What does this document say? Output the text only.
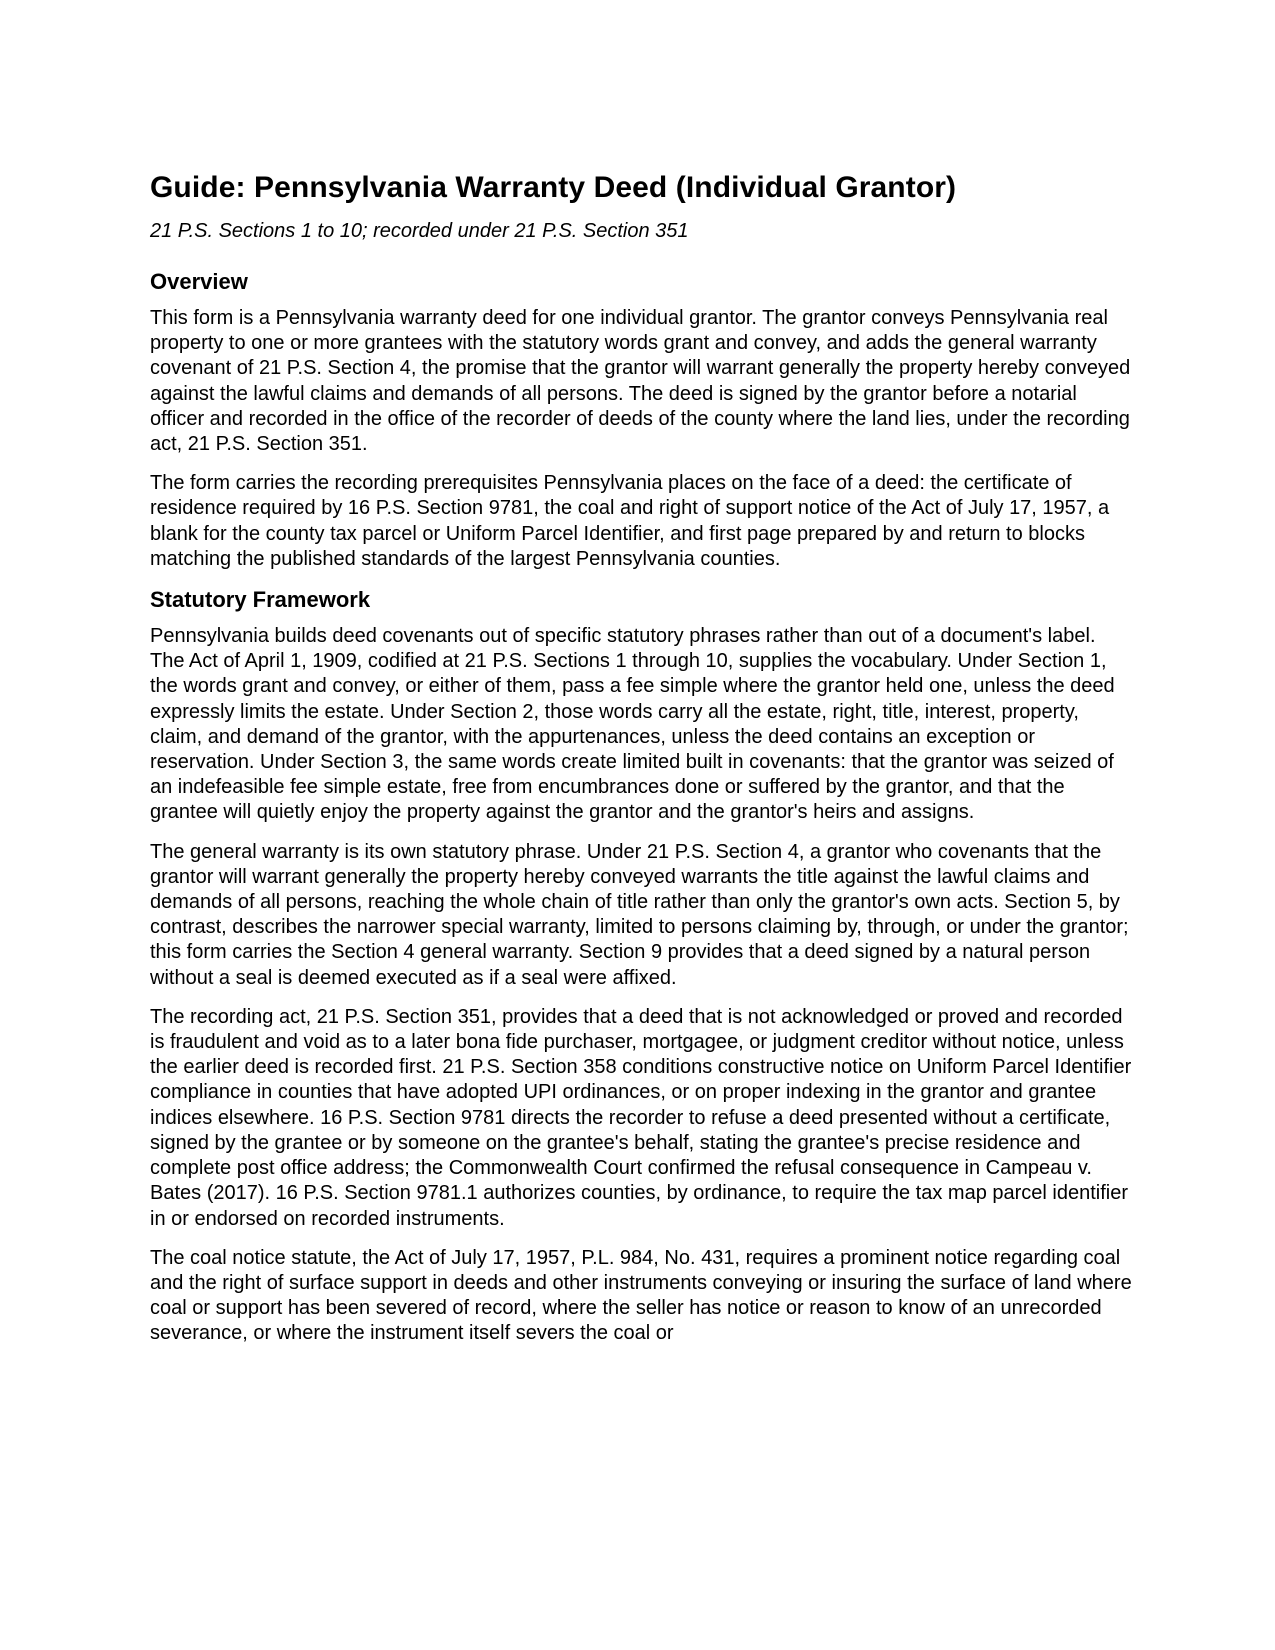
Guide: Pennsylvania Warranty Deed (Individual Grantor)
21 P.S. Sections 1 to 10; recorded under 21 P.S. Section 351
Overview

This form is a Pennsylvania warranty deed for one individual grantor. The grantor conveys Pennsylvania real property to one or more grantees with the statutory words grant and convey, and adds the general warranty covenant of 21 P.S. Section 4, the promise that the grantor will warrant generally the property hereby conveyed against the lawful claims and demands of all persons. The deed is signed by the grantor before a notarial officer and recorded in the office of the recorder of deeds of the county where the land lies, under the recording act, 21 P.S. Section 351.

The form carries the recording prerequisites Pennsylvania places on the face of a deed: the certificate of residence required by 16 P.S. Section 9781, the coal and right of support notice of the Act of July 17, 1957, a blank for the county tax parcel or Uniform Parcel Identifier, and first page prepared by and return to blocks matching the published standards of the largest Pennsylvania counties.

Statutory Framework

Pennsylvania builds deed covenants out of specific statutory phrases rather than out of a document's label. The Act of April 1, 1909, codified at 21 P.S. Sections 1 through 10, supplies the vocabulary. Under Section 1, the words grant and convey, or either of them, pass a fee simple where the grantor held one, unless the deed expressly limits the estate. Under Section 2, those words carry all the estate, right, title, interest, property, claim, and demand of the grantor, with the appurtenances, unless the deed contains an exception or reservation. Under Section 3, the same words create limited built in covenants: that the grantor was seized of an indefeasible fee simple estate, free from encumbrances done or suffered by the grantor, and that the grantee will quietly enjoy the property against the grantor and the grantor's heirs and assigns.

The general warranty is its own statutory phrase. Under 21 P.S. Section 4, a grantor who covenants that the grantor will warrant generally the property hereby conveyed warrants the title against the lawful claims and demands of all persons, reaching the whole chain of title rather than only the grantor's own acts. Section 5, by contrast, describes the narrower special warranty, limited to persons claiming by, through, or under the grantor; this form carries the Section 4 general warranty. Section 9 provides that a deed signed by a natural person without a seal is deemed executed as if a seal were affixed.

The recording act, 21 P.S. Section 351, provides that a deed that is not acknowledged or proved and recorded is fraudulent and void as to a later bona fide purchaser, mortgagee, or judgment creditor without notice, unless the earlier deed is recorded first. 21 P.S. Section 358 conditions constructive notice on Uniform Parcel Identifier compliance in counties that have adopted UPI ordinances, or on proper indexing in the grantor and grantee indices elsewhere. 16 P.S. Section 9781 directs the recorder to refuse a deed presented without a certificate, signed by the grantee or by someone on the grantee's behalf, stating the grantee's precise residence and complete post office address; the Commonwealth Court confirmed the refusal consequence in Campeau v. Bates (2017). 16 P.S. Section 9781.1 authorizes counties, by ordinance, to require the tax map parcel identifier in or endorsed on recorded instruments.

The coal notice statute, the Act of July 17, 1957, P.L. 984, No. 431, requires a prominent notice regarding coal and the right of surface support in deeds and other instruments conveying or insuring the surface of land where coal or support has been severed of record, where the seller has notice or reason to know of an unrecorded severance, or where the instrument itself severs the coal or
